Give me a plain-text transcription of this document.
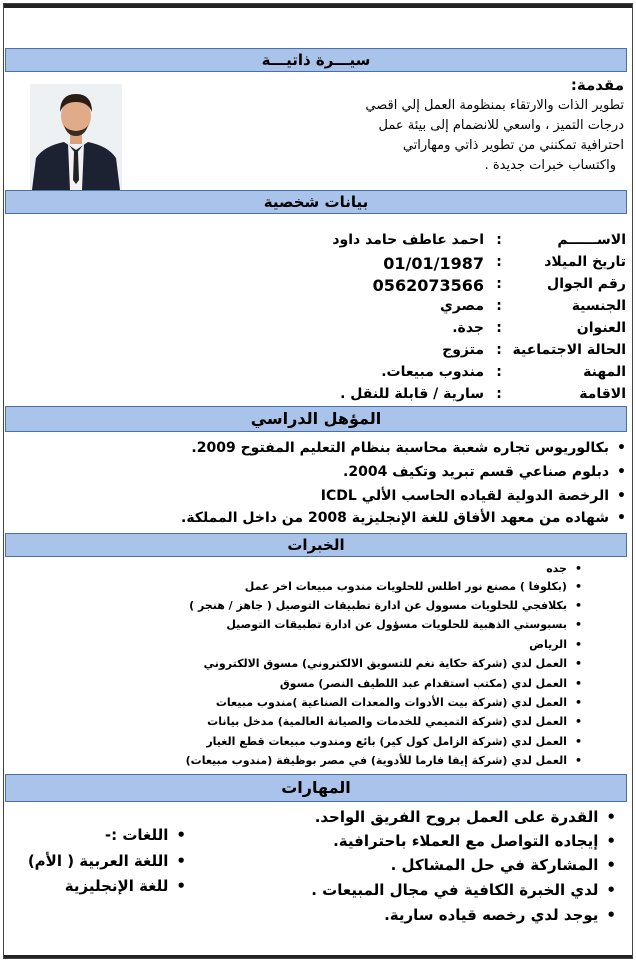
سيـــرة ذاتيـــة
مقدمة:
تطوير الذات والارتقاء بمنظومة العمل إلي اقصي
درجات التميز ، واسعي للانضمام إلى بيئة عمل
احترافية تمكنني من تطوير ذاتي ومهاراتي
واكتساب خبرات جديدة .
بيانات شخصية
الاســــــم
:
احمد عاطف حامد داود
تاريخ الميلاد
:
01/01/1987
رقم الجوال
:
0562073566
الجنسية
:
مصري
العنوان
:
جدة.
الحالة الاجتماعية
:
متزوج
المهنة
:
مندوب مبيعات.
الاقامة
:
سارية / قابلة للنقل .
المؤهل الدراسي
•بكالوريوس تجاره شعبة محاسبة بنظام التعليم المفتوح 2009.
•دبلوم صناعي قسم تبريد وتكيف 2004.
•الرخصة الدولية لقياده الحاسب الألي ICDL
•شهاده من معهد الأفاق للغة الإنجليزية 2008 من داخل المملكة.
الخبرات
•جده
•(بكلوفا ) مصنع نور اطلس للحلويات مندوب مبيعات اخر عمل
•بكلافجي للحلويات مسوول عن ادارة تطبيقات التوصيل ( جاهز / هنجر )
•بسبوستي الذهبية للحلويات مسؤول عن ادارة تطبيقات التوصيل
•الرياض
•العمل لدي (شركة حكاية نغم للتسويق الالكتروني) مسوق الالكتروني
•العمل لدي (مكتب استقدام عبد اللطيف النصر) مسوق
•العمل لدي (شركة بيت الأدوات والمعدات الصناعية )مندوب مبيعات
•العمل لدي (شركة التميمي للخدمات والصيانة العالمية) مدخل بيانات
•العمل لدي (شركة الزامل كول كير) بائع ومندوب مبيعات قطع الغيار
•العمل لدي (شركة إيفا فارما للأدوية) في مصر بوظيفة (مندوب مبيعات)
المهارات
•القدرة على العمل بروح الفريق الواحد.
•إيجاده التواصل مع العملاء باحترافية.
•المشاركة في حل المشاكل .
•لدي الخبرة الكافية في مجال المبيعات .
•يوجد لدي رخصه قياده سارية.
•اللغات :-
•اللغة العربية ( الأم)
•للغة الإنجليزية
